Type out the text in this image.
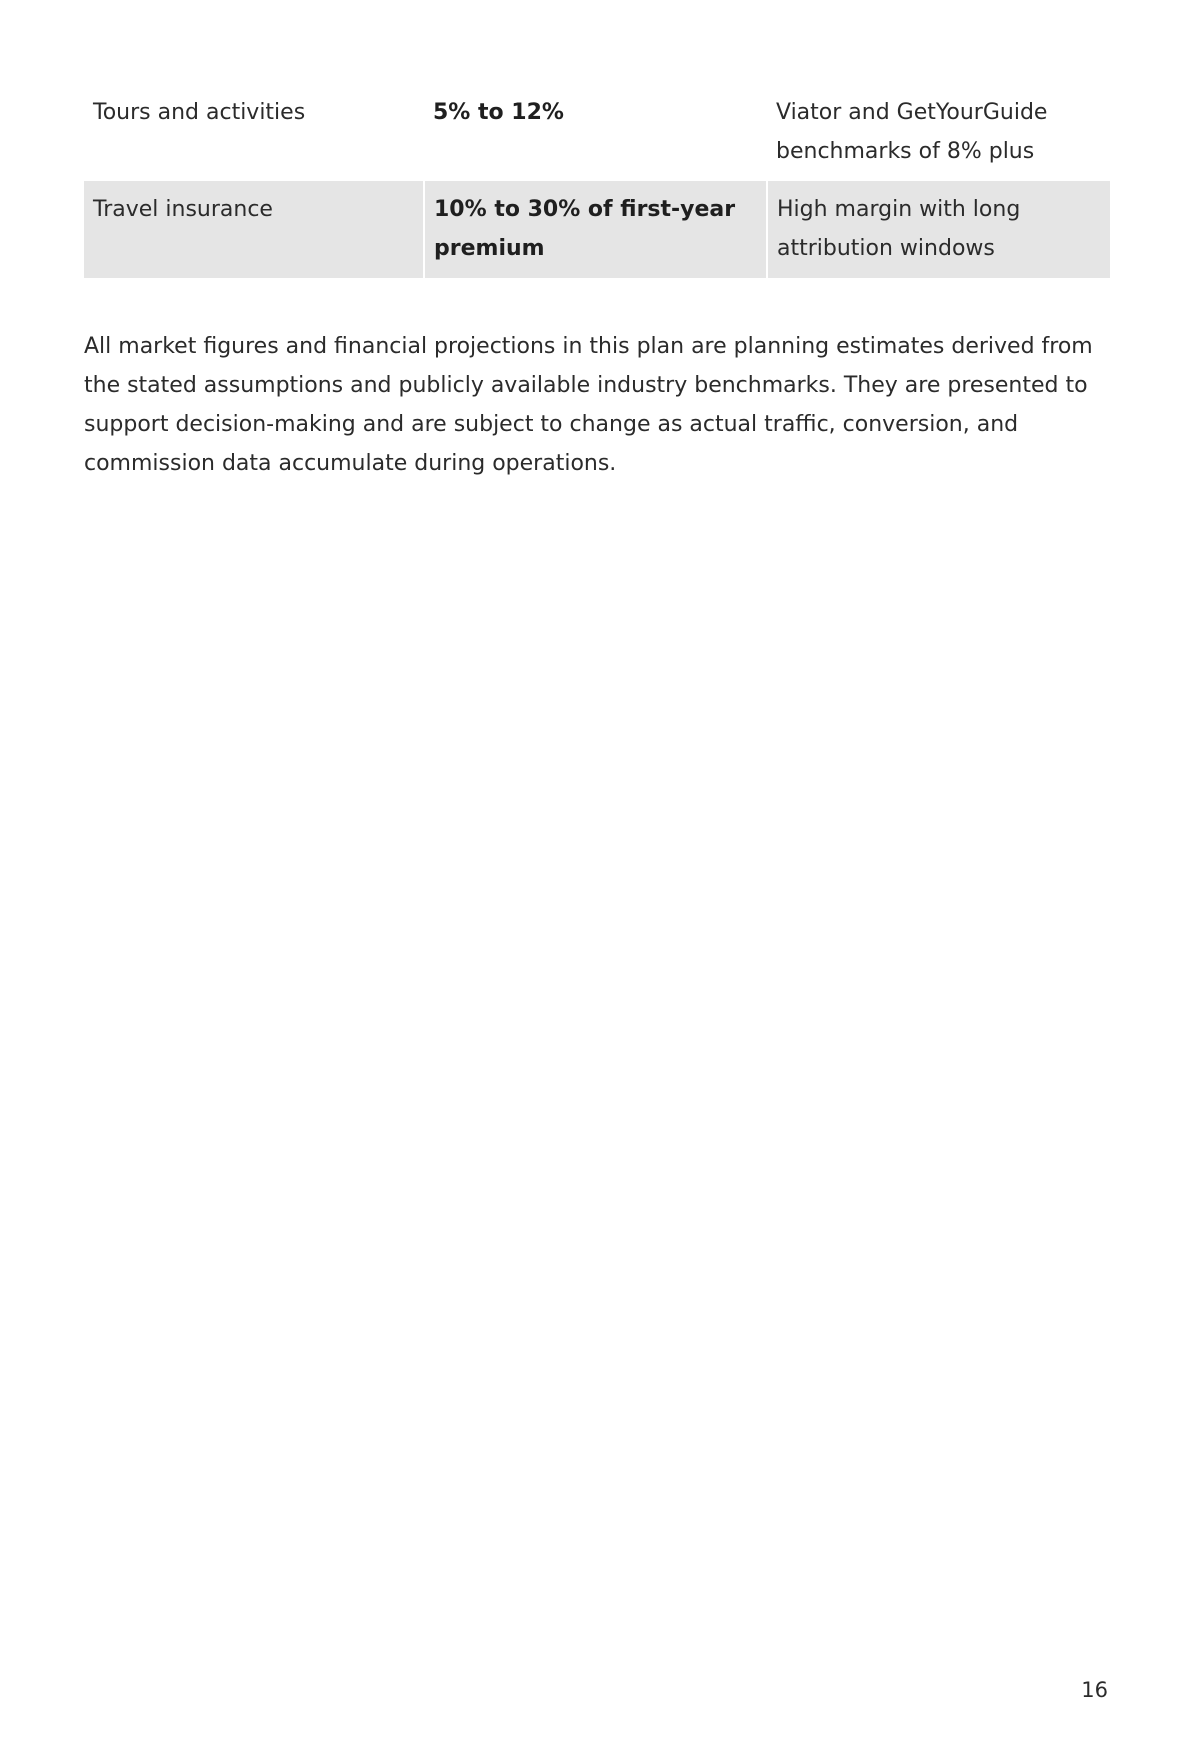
Tours and activities	5% to 12%	Viator and GetYourGuide benchmarks of 8% plus
Travel insurance	10% to 30% of first-year premium	High margin with long attribution windows

All market figures and financial projections in this plan are planning estimates derived from the stated assumptions and publicly available industry benchmarks. They are presented to support decision-making and are subject to change as actual traffic, conversion, and commission data accumulate during operations.

16
